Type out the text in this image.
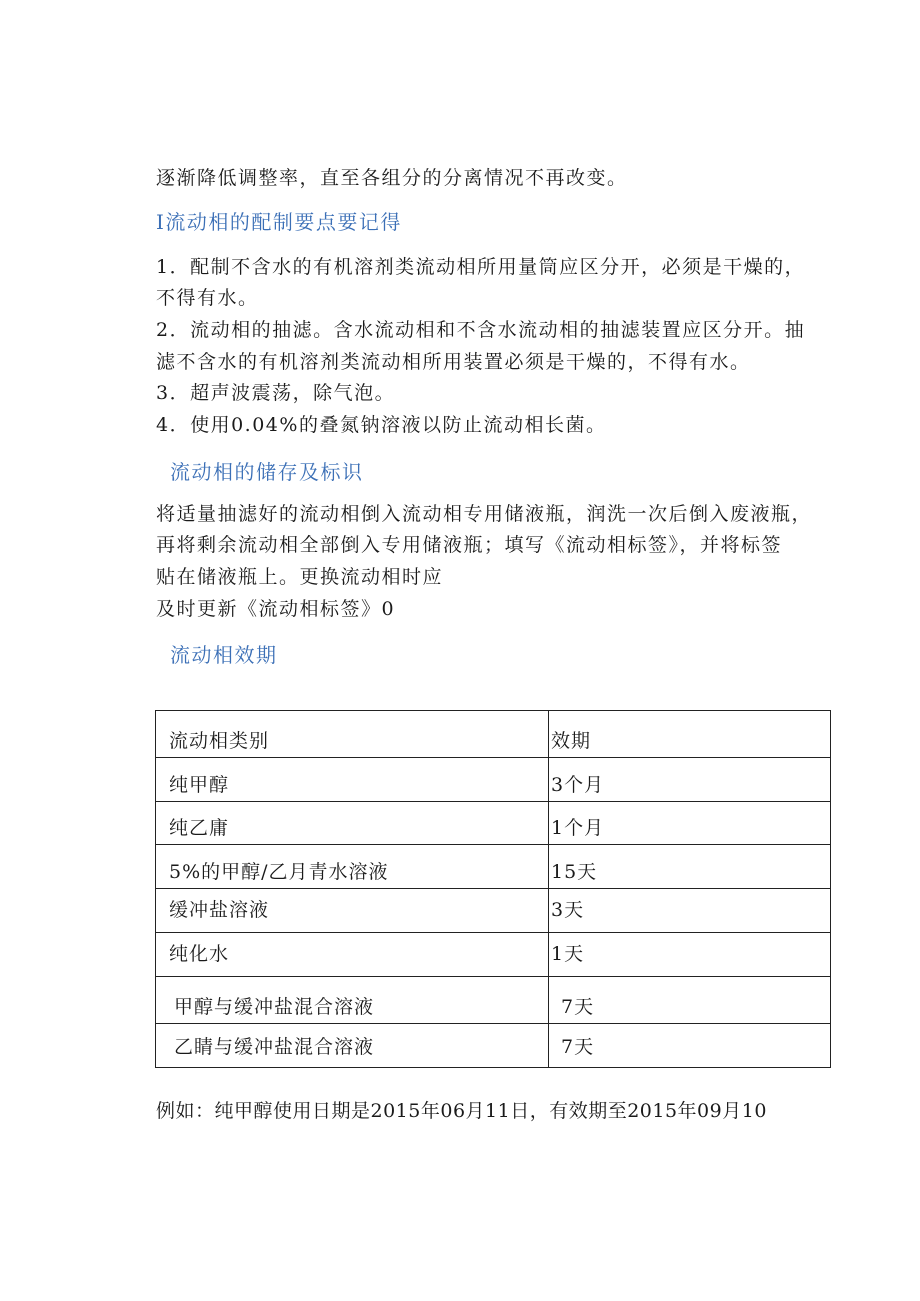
逐渐降低调整率，直至各组分的分离情况不再改变。
I流动相的配制要点要记得
1．配制不含水的有机溶剂类流动相所用量筒应区分开，必须是干燥的，
不得有水。
2．流动相的抽滤。含水流动相和不含水流动相的抽滤装置应区分开。抽
滤不含水的有机溶剂类流动相所用装置必须是干燥的，不得有水。
3．超声波震荡，除气泡。
4．使用0.04%的叠氮钠溶液以防止流动相长菌。
流动相的储存及标识
将适量抽滤好的流动相倒入流动相专用储液瓶，润洗一次后倒入废液瓶，
再将剩余流动相全部倒入专用储液瓶；填写《流动相标签》，并将标签
贴在储液瓶上。更换流动相时应
及时更新《流动相标签》0
流动相效期
流动相类别	效期
纯甲醇	3个月
纯乙庸	1个月
5%的甲醇/乙月青水溶液	15天
缓冲盐溶液	3天
纯化水	1天
甲醇与缓冲盐混合溶液	7天
乙睛与缓冲盐混合溶液	7天
例如：纯甲醇使用日期是2015年06月11日，有效期至2015年09月10
